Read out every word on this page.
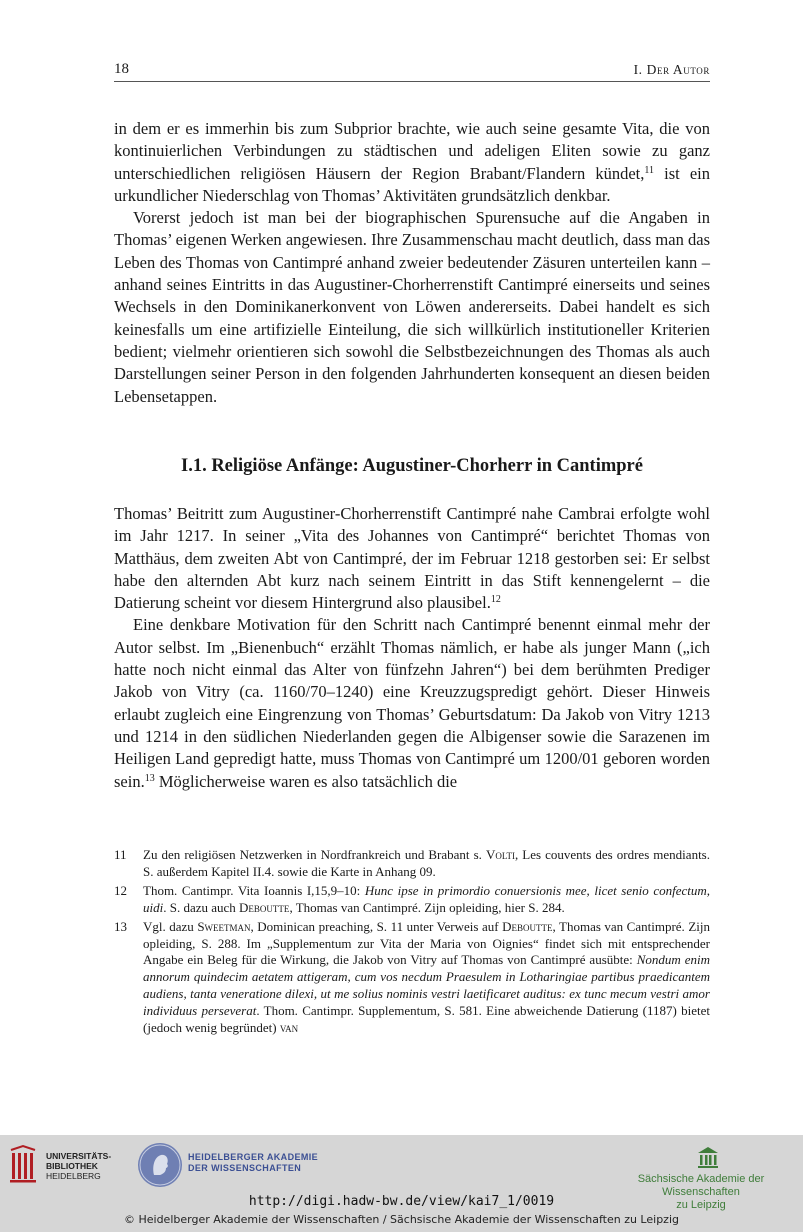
18	I. Der Autor

in dem er es immerhin bis zum Subprior brachte, wie auch seine gesamte Vita, die von kontinuierlichen Verbindungen zu städtischen und adeligen Eliten sowie zu ganz unterschiedlichen religiösen Häusern der Region Brabant/Flandern kündet,$^{11}$ ist ein urkundlicher Niederschlag von Thomas’ Aktivitäten grundsätzlich denkbar.

Vorerst jedoch ist man bei der biographischen Spurensuche auf die Angaben in Thomas’ eigenen Werken angewiesen. Ihre Zusammenschau macht deutlich, dass man das Leben des Thomas von Cantimpré anhand zweier bedeutender Zäsuren unterteilen kann – anhand seines Eintritts in das Augustiner-Chorherrenstift Cantimpré einerseits und seines Wechsels in den Dominikanerkonvent von Löwen andererseits. Dabei handelt es sich keinesfalls um eine artifizielle Einteilung, die sich willkürlich institutioneller Kriterien bedient; vielmehr orientieren sich sowohl die Selbstbezeichnungen des Thomas als auch Darstellungen seiner Person in den folgenden Jahrhunderten konsequent an diesen beiden Lebensetappen.

I.1. Religiöse Anfänge: Augustiner-Chorherr in Cantimpré

Thomas’ Beitritt zum Augustiner-Chorherrenstift Cantimpré nahe Cambrai erfolgte wohl im Jahr 1217. In seiner „Vita des Johannes von Cantimpré“ berichtet Thomas von Matthäus, dem zweiten Abt von Cantimpré, der im Februar 1218 gestorben sei: Er selbst habe den alternden Abt kurz nach seinem Eintritt in das Stift kennengelernt – die Datierung scheint vor diesem Hintergrund also plausibel.$^{12}$

Eine denkbare Motivation für den Schritt nach Cantimpré benennt einmal mehr der Autor selbst. Im „Bienenbuch“ erzählt Thomas nämlich, er habe als junger Mann („ich hatte noch nicht einmal das Alter von fünfzehn Jahren“) bei dem berühmten Prediger Jakob von Vitry (ca. 1160/70–1240) eine Kreuzzugspredigt gehört. Dieser Hinweis erlaubt zugleich eine Eingrenzung von Thomas’ Geburtsdatum: Da Jakob von Vitry 1213 und 1214 in den südlichen Niederlanden gegen die Albigenser sowie die Sarazenen im Heiligen Land gepredigt hatte, muss Thomas von Cantimpré um 1200/01 geboren worden sein.$^{13}$ Möglicherweise waren es also tatsächlich die

11 Zu den religiösen Netzwerken in Nordfrankreich und Brabant s. Volti, Les couvents des ordres mendiants. S. außerdem Kapitel II.4. sowie die Karte in Anhang 09.

12 Thom. Cantimpr. Vita Ioannis I,15,9–10: Hunc ipse in primordio conuersionis mee, licet senio confectum, uidi. S. dazu auch Deboutte, Thomas van Cantimpré. Zijn opleiding, hier S. 284.

13 Vgl. dazu Sweetman, Dominican preaching, S. 11 unter Verweis auf Deboutte, Thomas van Cantimpré. Zijn opleiding, S. 288. Im „Supplementum zur Vita der Maria von Oignies“ findet sich mit entsprechender Angabe ein Beleg für die Wirkung, die Jakob von Vitry auf Thomas von Cantimpré ausübte: Nondum enim annorum quindecim aetatem attigeram, cum vos necdum Praesulem in Lotharingiae partibus praedicantem audiens, tanta veneratione dilexi, ut me solius nominis vestri laetificaret auditus: ex tunc mecum vestri amor individuus perseverat. Thom. Cantimpr. Supplementum, S. 581. Eine abweichende Datierung (1187) bietet (jedoch wenig begründet) van

UNIVERSITÄTS-
BIBLIOTHEK
HEIDELBERG
HEIDELBERGER AKADEMIE
DER WISSENSCHAFTEN
Sächsische Akademie der Wissenschaften
zu Leipzig
http://digi.hadw-bw.de/view/kai7_1/0019
© Heidelberger Akademie der Wissenschaften / Sächsische Akademie der Wissenschaften zu Leipzig
